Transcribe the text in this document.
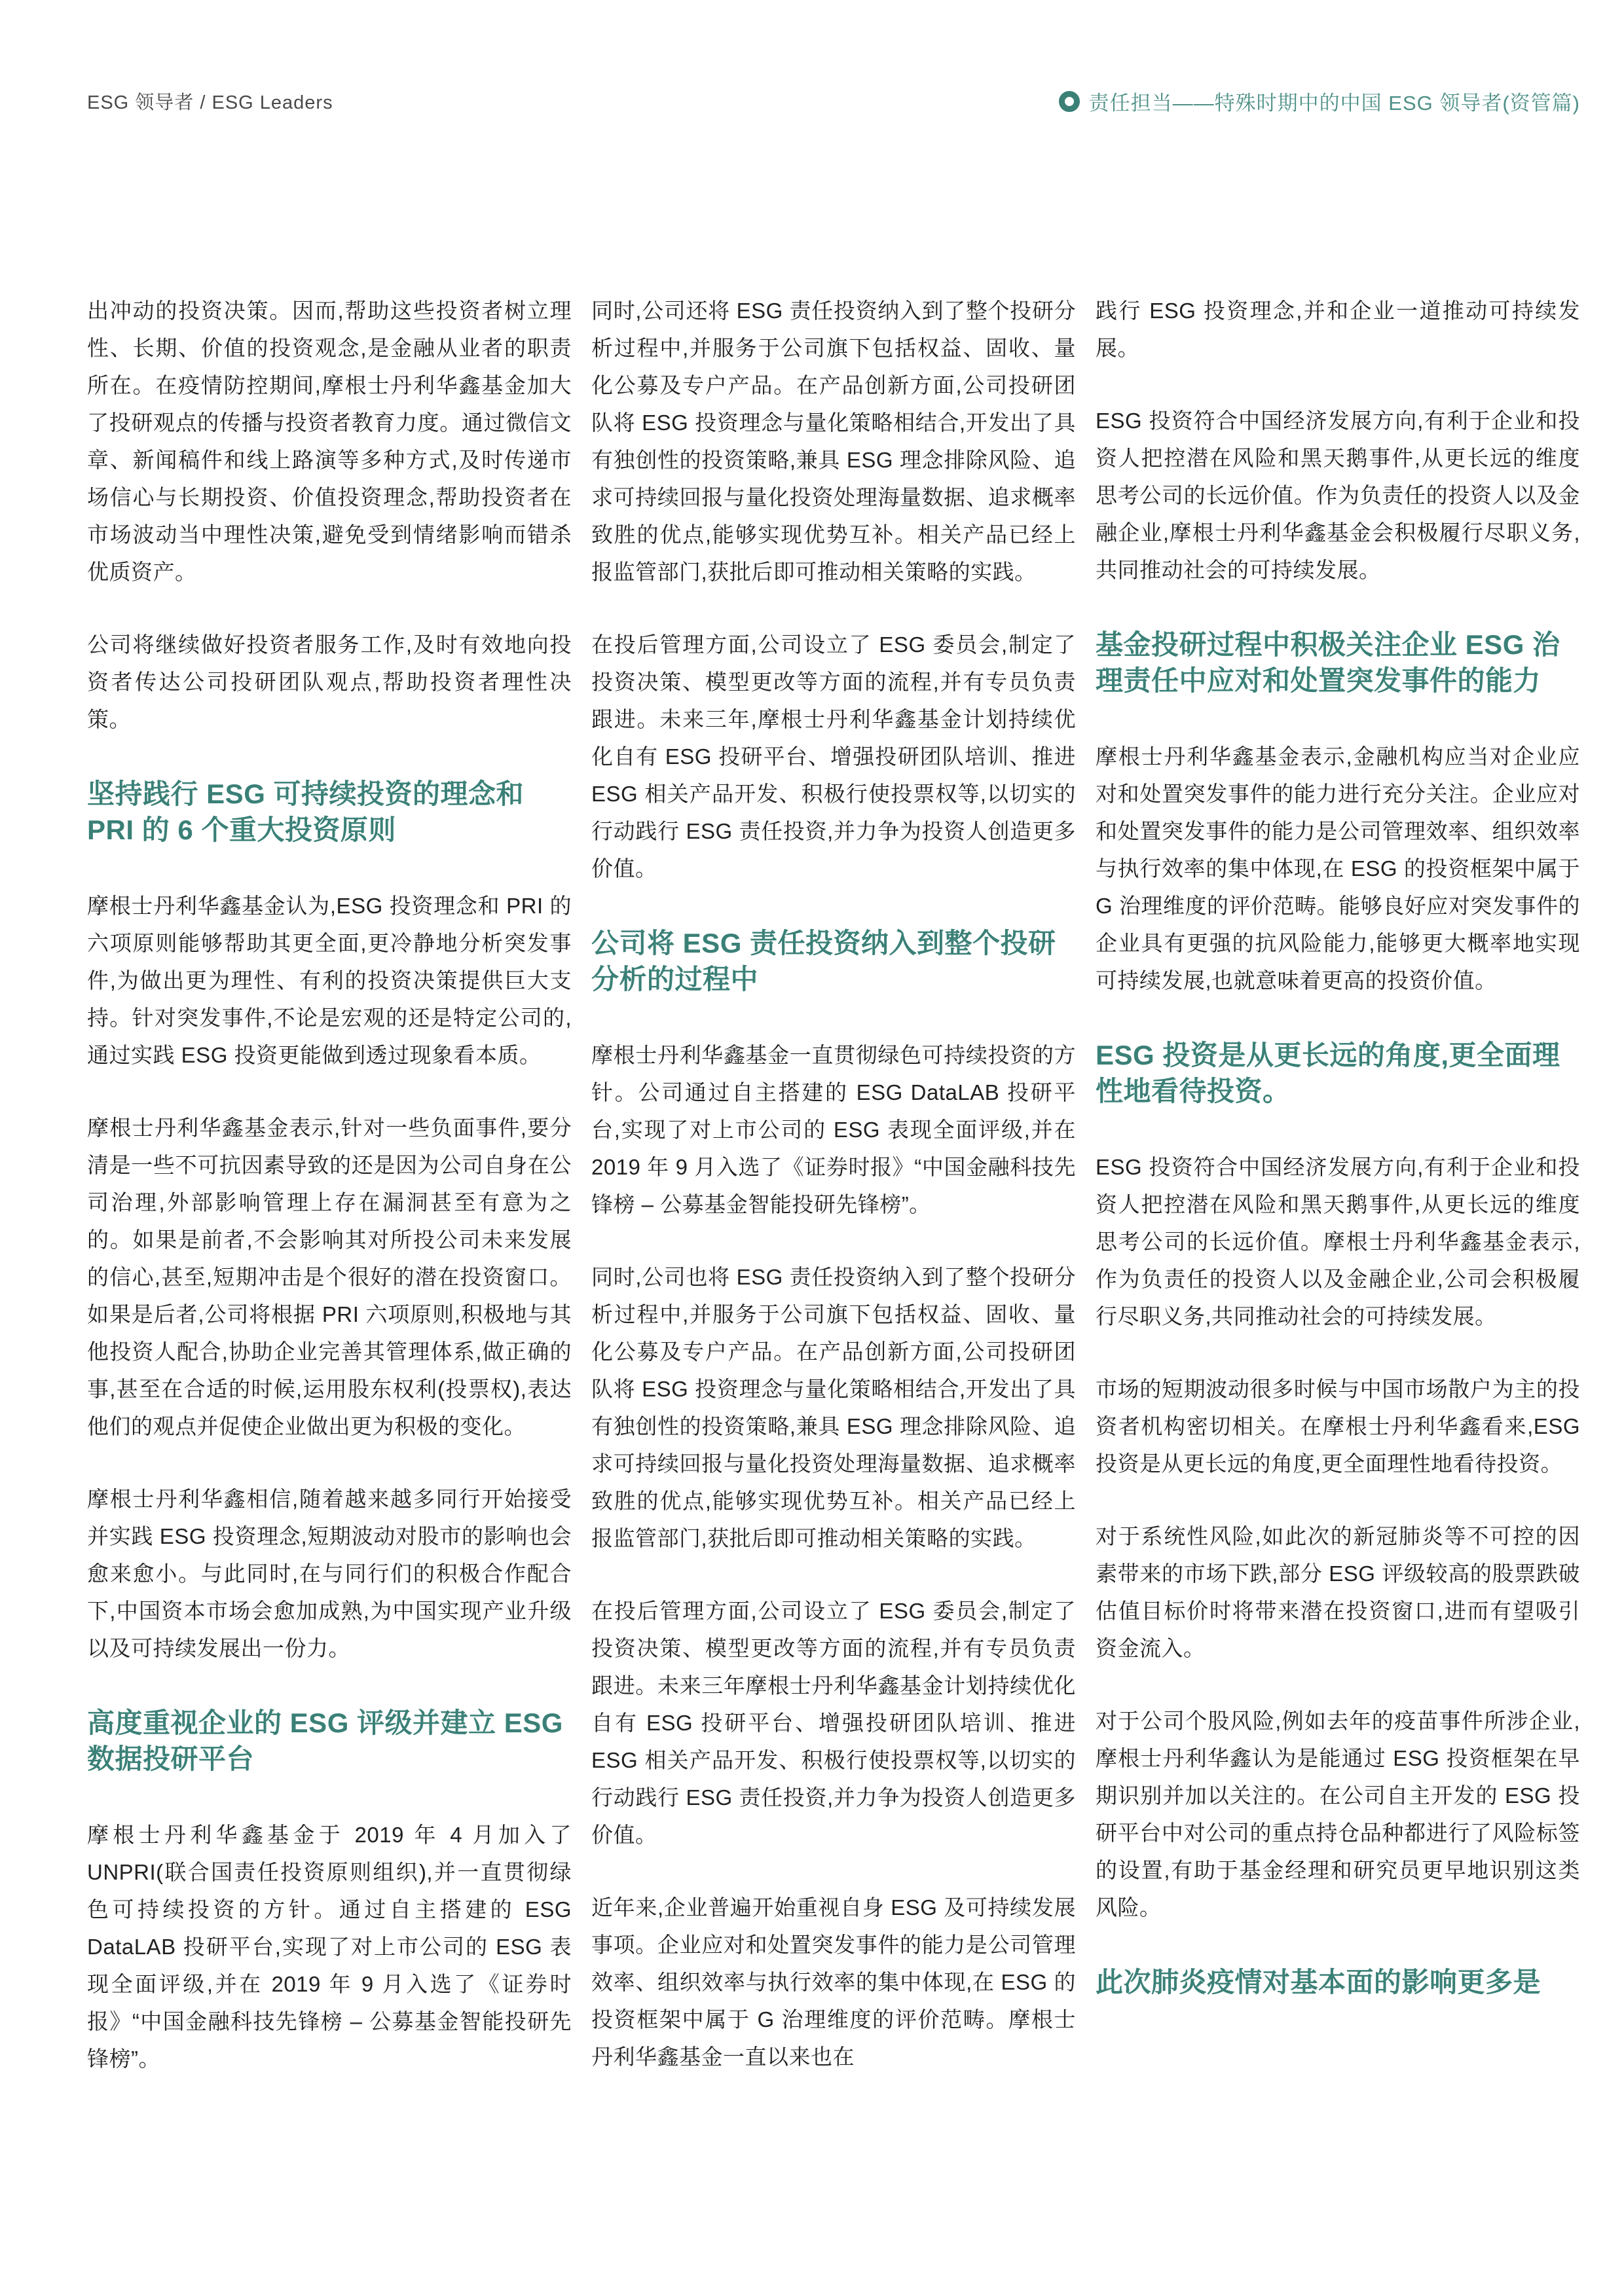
ESG 领导者 / ESG Leaders	责任担当——特殊时期中的中国 ESG 领导者(资管篇)

出冲动的投资决策。因而,帮助这些投资者树立理性、长期、价值的投资观念,是金融从业者的职责所在。在疫情防控期间,摩根士丹利华鑫基金加大了投研观点的传播与投资者教育力度。通过微信文章、新闻稿件和线上路演等多种方式,及时传递市场信心与长期投资、价值投资理念,帮助投资者在市场波动当中理性决策,避免受到情绪影响而错杀优质资产。

公司将继续做好投资者服务工作,及时有效地向投资者传达公司投研团队观点,帮助投资者理性决策。

坚持践行 ESG 可持续投资的理念和 PRI 的 6 个重大投资原则

摩根士丹利华鑫基金认为,ESG 投资理念和 PRI 的六项原则能够帮助其更全面,更冷静地分析突发事件,为做出更为理性、有利的投资决策提供巨大支持。针对突发事件,不论是宏观的还是特定公司的,通过实践 ESG 投资更能做到透过现象看本质。

摩根士丹利华鑫基金表示,针对一些负面事件,要分清是一些不可抗因素导致的还是因为公司自身在公司治理,外部影响管理上存在漏洞甚至有意为之的。如果是前者,不会影响其对所投公司未来发展的信心,甚至,短期冲击是个很好的潜在投资窗口。如果是后者,公司将根据 PRI 六项原则,积极地与其他投资人配合,协助企业完善其管理体系,做正确的事,甚至在合适的时候,运用股东权利(投票权),表达他们的观点并促使企业做出更为积极的变化。

摩根士丹利华鑫相信,随着越来越多同行开始接受并实践 ESG 投资理念,短期波动对股市的影响也会愈来愈小。与此同时,在与同行们的积极合作配合下,中国资本市场会愈加成熟,为中国实现产业升级以及可持续发展出一份力。

高度重视企业的 ESG 评级并建立 ESG 数据投研平台

摩根士丹利华鑫基金于 2019 年 4 月加入了 UNPRI(联合国责任投资原则组织),并一直贯彻绿色可持续投资的方针。通过自主搭建的 ESG DataLAB 投研平台,实现了对上市公司的 ESG 表现全面评级,并在 2019 年 9 月入选了《证券时报》“中国金融科技先锋榜 – 公募基金智能投研先锋榜”。

同时,公司还将 ESG 责任投资纳入到了整个投研分析过程中,并服务于公司旗下包括权益、固收、量化公募及专户产品。在产品创新方面,公司投研团队将 ESG 投资理念与量化策略相结合,开发出了具有独创性的投资策略,兼具 ESG 理念排除风险、追求可持续回报与量化投资处理海量数据、追求概率致胜的优点,能够实现优势互补。相关产品已经上报监管部门,获批后即可推动相关策略的实践。

在投后管理方面,公司设立了 ESG 委员会,制定了投资决策、模型更改等方面的流程,并有专员负责跟进。未来三年,摩根士丹利华鑫基金计划持续优化自有 ESG 投研平台、增强投研团队培训、推进 ESG 相关产品开发、积极行使投票权等,以切实的行动践行 ESG 责任投资,并力争为投资人创造更多价值。

公司将 ESG 责任投资纳入到整个投研分析的过程中

摩根士丹利华鑫基金一直贯彻绿色可持续投资的方针。公司通过自主搭建的 ESG DataLAB 投研平台,实现了对上市公司的 ESG 表现全面评级,并在 2019 年 9 月入选了《证券时报》“中国金融科技先锋榜 – 公募基金智能投研先锋榜”。

同时,公司也将 ESG 责任投资纳入到了整个投研分析过程中,并服务于公司旗下包括权益、固收、量化公募及专户产品。在产品创新方面,公司投研团队将 ESG 投资理念与量化策略相结合,开发出了具有独创性的投资策略,兼具 ESG 理念排除风险、追求可持续回报与量化投资处理海量数据、追求概率致胜的优点,能够实现优势互补。相关产品已经上报监管部门,获批后即可推动相关策略的实践。

在投后管理方面,公司设立了 ESG 委员会,制定了投资决策、模型更改等方面的流程,并有专员负责跟进。未来三年摩根士丹利华鑫基金计划持续优化自有 ESG 投研平台、增强投研团队培训、推进 ESG 相关产品开发、积极行使投票权等,以切实的行动践行 ESG 责任投资,并力争为投资人创造更多价值。

近年来,企业普遍开始重视自身 ESG 及可持续发展事项。企业应对和处置突发事件的能力是公司管理效率、组织效率与执行效率的集中体现,在 ESG 的投资框架中属于 G 治理维度的评价范畴。摩根士丹利华鑫基金一直以来也在

践行 ESG 投资理念,并和企业一道推动可持续发展。

ESG 投资符合中国经济发展方向,有利于企业和投资人把控潜在风险和黑天鹅事件,从更长远的维度思考公司的长远价值。作为负责任的投资人以及金融企业,摩根士丹利华鑫基金会积极履行尽职义务,共同推动社会的可持续发展。

基金投研过程中积极关注企业 ESG 治理责任中应对和处置突发事件的能力

摩根士丹利华鑫基金表示,金融机构应当对企业应对和处置突发事件的能力进行充分关注。企业应对和处置突发事件的能力是公司管理效率、组织效率与执行效率的集中体现,在 ESG 的投资框架中属于 G 治理维度的评价范畴。能够良好应对突发事件的企业具有更强的抗风险能力,能够更大概率地实现可持续发展,也就意味着更高的投资价值。

ESG 投资是从更长远的角度,更全面理性地看待投资。

ESG 投资符合中国经济发展方向,有利于企业和投资人把控潜在风险和黑天鹅事件,从更长远的维度思考公司的长远价值。摩根士丹利华鑫基金表示,作为负责任的投资人以及金融企业,公司会积极履行尽职义务,共同推动社会的可持续发展。

市场的短期波动很多时候与中国市场散户为主的投资者机构密切相关。在摩根士丹利华鑫看来,ESG 投资是从更长远的角度,更全面理性地看待投资。

对于系统性风险,如此次的新冠肺炎等不可控的因素带来的市场下跌,部分 ESG 评级较高的股票跌破估值目标价时将带来潜在投资窗口,进而有望吸引资金流入。

对于公司个股风险,例如去年的疫苗事件所涉企业,摩根士丹利华鑫认为是能通过 ESG 投资框架在早期识别并加以关注的。在公司自主开发的 ESG 投研平台中对公司的重点持仓品种都进行了风险标签的设置,有助于基金经理和研究员更早地识别这类风险。

此次肺炎疫情对基本面的影响更多是
